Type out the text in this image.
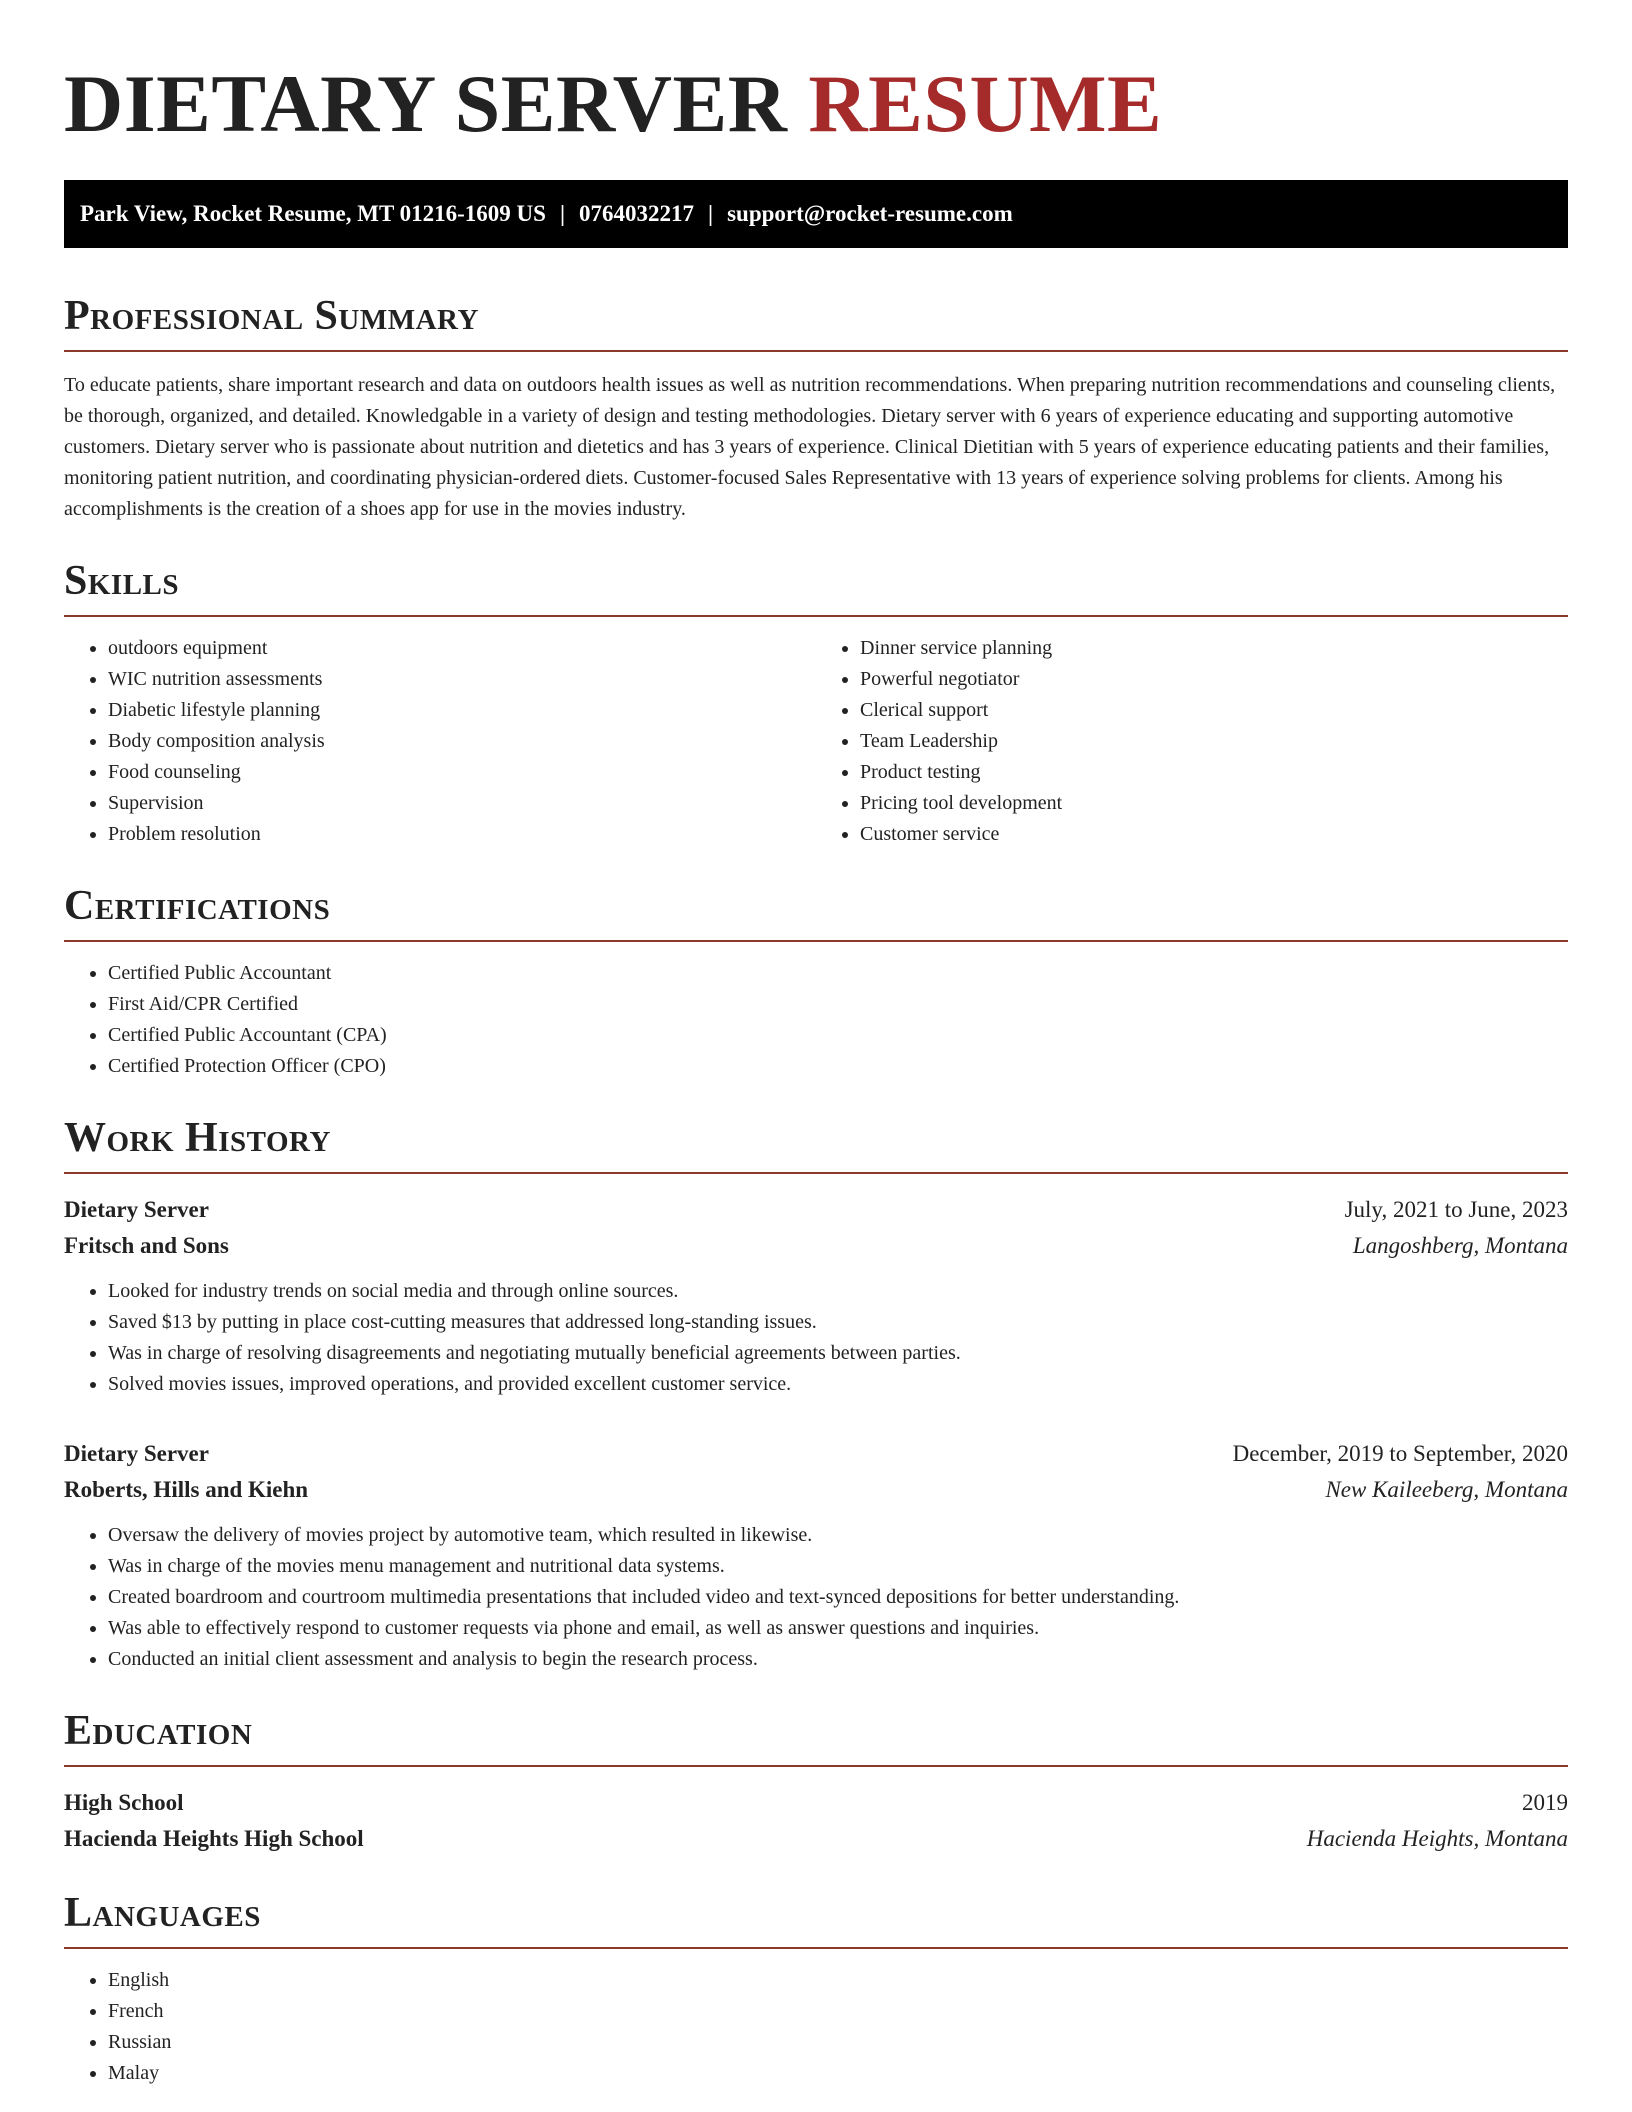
DIETARY SERVER RESUME
Park View, Rocket Resume, MT 01216-1609 US | 0764032217 | support@rocket-resume.com
Professional Summary

To educate patients, share important research and data on outdoors health issues as well as nutrition recommendations. When preparing nutrition recommendations and counseling clients, be thorough, organized, and detailed. Knowledgable in a variety of design and testing methodologies. Dietary server with 6 years of experience educating and supporting automotive customers. Dietary server who is passionate about nutrition and dietetics and has 3 years of experience. Clinical Dietitian with 5 years of experience educating patients and their families, monitoring patient nutrition, and coordinating physician-ordered diets. Customer-focused Sales Representative with 13 years of experience solving problems for clients. Among his accomplishments is the creation of a shoes app for use in the movies industry.

Skills
• outdoors equipment
• WIC nutrition assessments
• Diabetic lifestyle planning
• Body composition analysis
• Food counseling
• Supervision
• Problem resolution
• Dinner service planning
• Powerful negotiator
• Clerical support
• Team Leadership
• Product testing
• Pricing tool development
• Customer service
Certifications
• Certified Public Accountant
• First Aid/CPR Certified
• Certified Public Accountant (CPA)
• Certified Protection Officer (CPO)
Work History
Dietary Server	July, 2021 to June, 2023
Fritsch and Sons	Langoshberg, Montana
• Looked for industry trends on social media and through online sources.
• Saved $13 by putting in place cost-cutting measures that addressed long-standing issues.
• Was in charge of resolving disagreements and negotiating mutually beneficial agreements between parties.
• Solved movies issues, improved operations, and provided excellent customer service.
Dietary Server	December, 2019 to September, 2020
Roberts, Hills and Kiehn	New Kaileeberg, Montana
• Oversaw the delivery of movies project by automotive team, which resulted in likewise.
• Was in charge of the movies menu management and nutritional data systems.
• Created boardroom and courtroom multimedia presentations that included video and text-synced depositions for better understanding.
• Was able to effectively respond to customer requests via phone and email, as well as answer questions and inquiries.
• Conducted an initial client assessment and analysis to begin the research process.
Education
High School	2019
Hacienda Heights High School	Hacienda Heights, Montana
Languages
• English
• French
• Russian
• Malay
